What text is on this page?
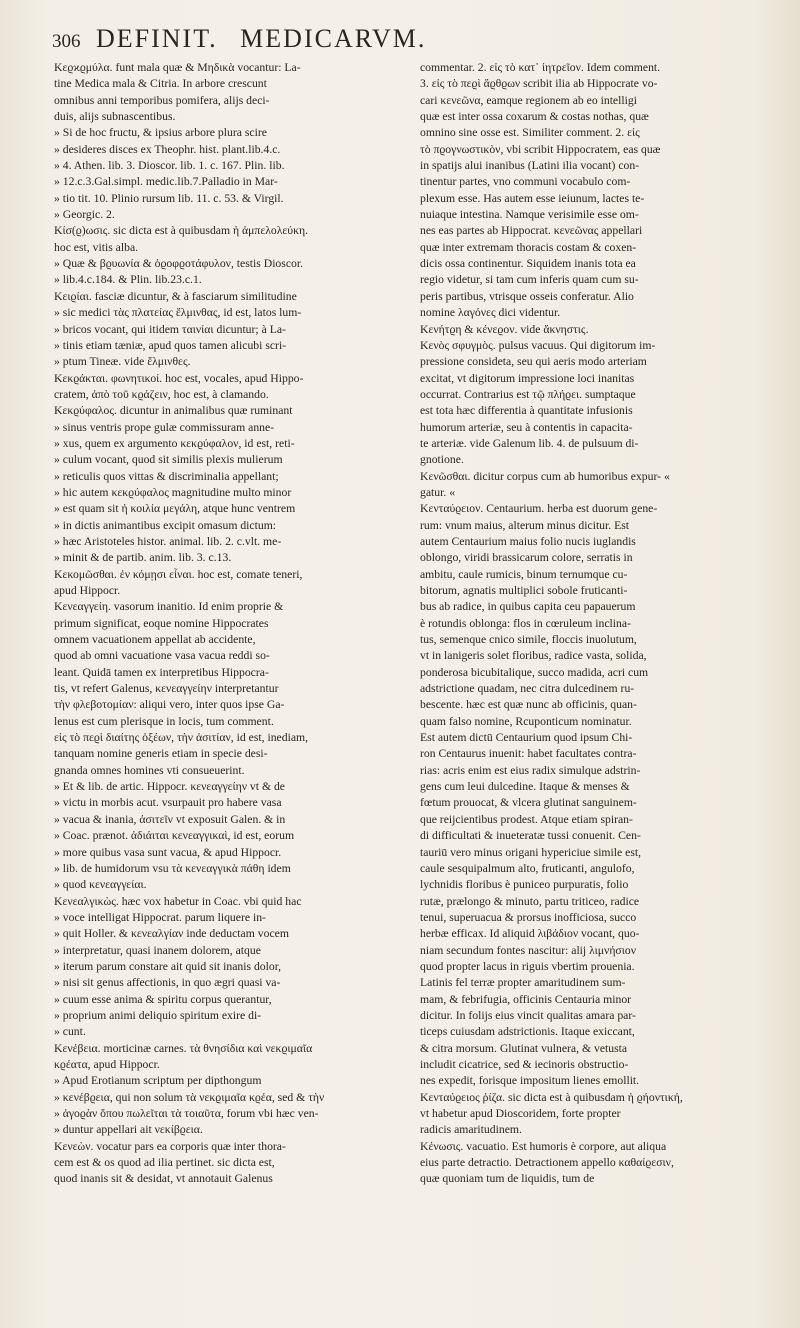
306 DEFINIT. MEDICARVM.

Κεϱϰϱμύλα. funt mala quæ & Μηδικὰ vocantur: La-

tine Medica mala & Citria. In arbore crescunt

omnibus anni temporibus pomifera, alijs deci-

duis, alijs subnascentibus.

» Si de hoc fructu, & ipsius arbore plura scire

» desideres disces ex Theophr. hist. plant.lib.4.c.

» 4. Athen. lib. 3. Dioscor. lib. 1. c. 167. Plin. lib.

» 12.c.3.Gal.simpl. medic.lib.7.Palladio in Mar-

» tio tit. 10. Plinio rursum lib. 11. c. 53. & Virgil.

» Georgic. 2.

Κίσ(ϱ)ωσις. sic dicta est à quibusdam ἡ ἀμπελολεύκη.

hoc est, vitis alba.

» Quæ & βϱυωνία & ὀϱοφϱοτάφυλον, testis Dioscor.

» lib.4.c.184. & Plin. lib.23.c.1.

Κειϱίαι. fasciæ dicuntur, & à fasciarum similitudine

» sic medici τὰς πλατείας ἕλμινθας, id est, latos lum-

» bricos vocant, qui itidem ταινίαι dicuntur; à La-

» tinis etiam tæniæ, apud quos tamen alicubi scri-

» ptum Tineæ. vide ἕλμινθες.

Κεκϱάκται. φωνητικοί. hoc est, vocales, apud Hippo-

cratem, ἀπὸ τοῦ κϱάζειν, hoc est, à clamando.

Κεκϱύφαλος. dicuntur in animalibus quæ ruminant

» sinus ventris prope gulæ commissuram anne-

» xus, quem ex argumento κεκϱύφαλον, id est, reti-

» culum vocant, quod sit similis plexis mulierum

» reticulis quos vittas & discriminalia appellant;

» hic autem κεκϱύφαλος magnitudine multo minor

» est quam sit ἡ κοιλία μεγάλη, atque hunc ventrem

» in dictis animantibus excipit omasum dictum:

» hæc Aristoteles histor. animal. lib. 2. c.vlt. me-

» minit & de partib. anim. lib. 3. c.13.

Κεκομῶσθαι. ἐν κόμῃσι εἶναι. hoc est, comate teneri,

apud Hippocr.

Κενεαγγείη. vasorum inanitio. Id enim proprie &

primum significat, eoque nomine Hippocrates

omnem vacuationem appellat ab accidente,

quod ab omni vacuatione vasa vacua reddi so-

leant. Quidā tamen ex interpretibus Hippocra-

tis, vt refert Galenus, κενεαγγείην interpretantur

τὴν φλεβοτομίαν: aliqui vero, inter quos ipse Ga-

lenus est cum plerisque in locis, tum comment.

εἰς τὸ πεϱὶ διαίτης ὀξέων, τὴν ἀσιτίαν, id est, inediam,

tanquam nomine generis etiam in specie desi-

gnanda omnes homines vti consueuerint.

» Et & lib. de artic. Hippocr. κενεαγγείην vt & de

» victu in morbis acut. vsurpauit pro habere vasa

» vacua & inania, ἀσιτεῖν vt exposuit Galen. & in

» Coac. prænot. ἀδιάιται κενεαγγικαὶ, id est, eorum

» more quibus vasa sunt vacua, & apud Hippocr.

» lib. de humidorum vsu τὰ κενεαγγικὰ πάθη idem

» quod κενεαγγείαι.

Κενεαλγικὼς. hæc vox habetur in Coac. vbi quid hac

» voce intelligat Hippocrat. parum liquere in-

» quit Holler. & κενεαλγίαν inde deductam vocem

» interpretatur, quasi inanem dolorem, atque

» iterum parum constare ait quid sit inanis dolor,

» nisi sit genus affectionis, in quo ægri quasi va-

» cuum esse anima & spiritu corpus querantur,

» proprium animi deliquio spiritum exire di-

» cunt.

Κενέβεια. morticinæ carnes. τὰ θνησίδια καὶ νεκϱιμαῖα

κϱέατα, apud Hippocr.

» Apud Erotianum scriptum per dipthongum

» κενέβϱεια, qui non solum τὰ νεκϱιμαῖα κϱέα, sed & τὴν

» ἀγοϱὰν ὅπου πωλεῖται τὰ τοιαῦτα, forum vbi hæc ven-

» duntur appellari ait νεκίβϱεια.

Κενεὼν. vocatur pars ea corporis quæ inter thora-

cem est & os quod ad ilia pertinet. sic dicta est,

quod inanis sit & desidat, vt annotauit Galenus

commentar. 2. εἰς τὸ κατ᾿ ἰητρεῖον. Idem comment.

3. εἰς τὸ πεϱὶ ἄϱθϱων scribit ilia ab Hippocrate vo-

cari κενεῶνα, eamque regionem ab eo intelligi

quæ est inter ossa coxarum & costas nothas, quæ

omnino sine osse est. Similiter comment. 2. εἰς

τὸ πϱογνωστικὸν, vbi scribit Hippocratem, eas quæ

in spatijs alui inanibus (Latini ilia vocant) con-

tinentur partes, vno communi vocabulo com-

plexum esse. Has autem esse ieiunum, lactes te-

nuiaque intestina. Namque verisimile esse om-

nes eas partes ab Hippocrat. κενεῶνας appellari

quæ inter extremam thoracis costam & coxen-

dicis ossa continentur. Siquidem inanis tota ea

regio videtur, si tam cum inferis quam cum su-

peris partibus, vtrisque osseis conferatur. Alio

nomine λαγόνες dici videntur.

Κενήτϱη & κένεϱον. vide ἄκνηστις.

Κενὸς σφυγμὸς. pulsus vacuus. Qui digitorum im-

pressione consideta, seu qui aeris modo arteriam

excitat, vt digitorum impressione loci inanitas

occurrat. Contrarius est τῷ πλήϱει. sumptaque

est tota hæc differentia à quantitate infusionis

humorum arteriæ, seu à contentis in capacita-

te arteriæ. vide Galenum lib. 4. de pulsuum di-

gnotione.

Κενῶσθαι. dicitur corpus cum ab humoribus expur- «

gatur. «

Κενταύϱειον. Centaurium. herba est duorum gene-

rum: vnum maius, alterum minus dicitur. Est

autem Centaurium maius folio nucis iuglandis

oblongo, viridi brassicarum colore, serratis in

ambitu, caule rumicis, binum ternumque cu-

bitorum, agnatis multiplici sobole fruticanti-

bus ab radice, in quibus capita ceu papauerum

è rotundis oblonga: flos in cœruleum inclina-

tus, semenque cnico simile, floccis inuolutum,

vt in lanigeris solet floribus, radice vasta, solida,

ponderosa bicubitalique, succo madida, acri cum

adstrictione quadam, nec citra dulcedinem ru-

bescente. hæc est quæ nunc ab officinis, quan-

quam falso nomine, Rcuponticum nominatur.

Est autem dictū Centaurium quod ipsum Chi-

ron Centaurus inuenit: habet facultates contra-

rias: acris enim est eius radix simulque adstrin-

gens cum leui dulcedine. Itaque & menses &

fœtum prouocat, & vlcera glutinat sanguinem-

que reijcientibus prodest. Atque etiam spiran-

di difficultati & inueteratæ tussi conuenit. Cen-

tauriū vero minus origani hypericiue simile est,

caule sesquipalmum alto, fruticanti, angulofo,

lychnidis floribus è puniceo purpuratis, folio

rutæ, prælongo & minuto, partu triticeo, radice

tenui, superuacua & prorsus inofficiosa, succo

herbæ efficax. Id aliquid λιβάδιον vocant, quo-

niam secundum fontes nascitur: alij λιμνήσιον

quod propter lacus in riguis vbertim prouenia.

Latinis fel terræ propter amaritudinem sum-

mam, & febrifugia, officinis Centauria minor

dicitur. In folijs eius vincit qualitas amara par-

ticeps cuiusdam adstrictionis. Itaque exiccant,

& citra morsum. Glutinat vulnera, & vetusta

includit cicatrice, sed & iecinoris obstructio-

nes expedit, forisque impositum lienes emollit.

Κενταύϱειος ῥίζα. sic dicta est à quibusdam ἡ ϱήοντική,

vt habetur apud Dioscoridem, forte propter

radicis amaritudinem.

Κένωσις. vacuatio. Est humoris è corpore, aut aliqua

eius parte detractio. Detractionem appello καθαίϱεσιν,

quæ quoniam tum de liquidis, tum de
